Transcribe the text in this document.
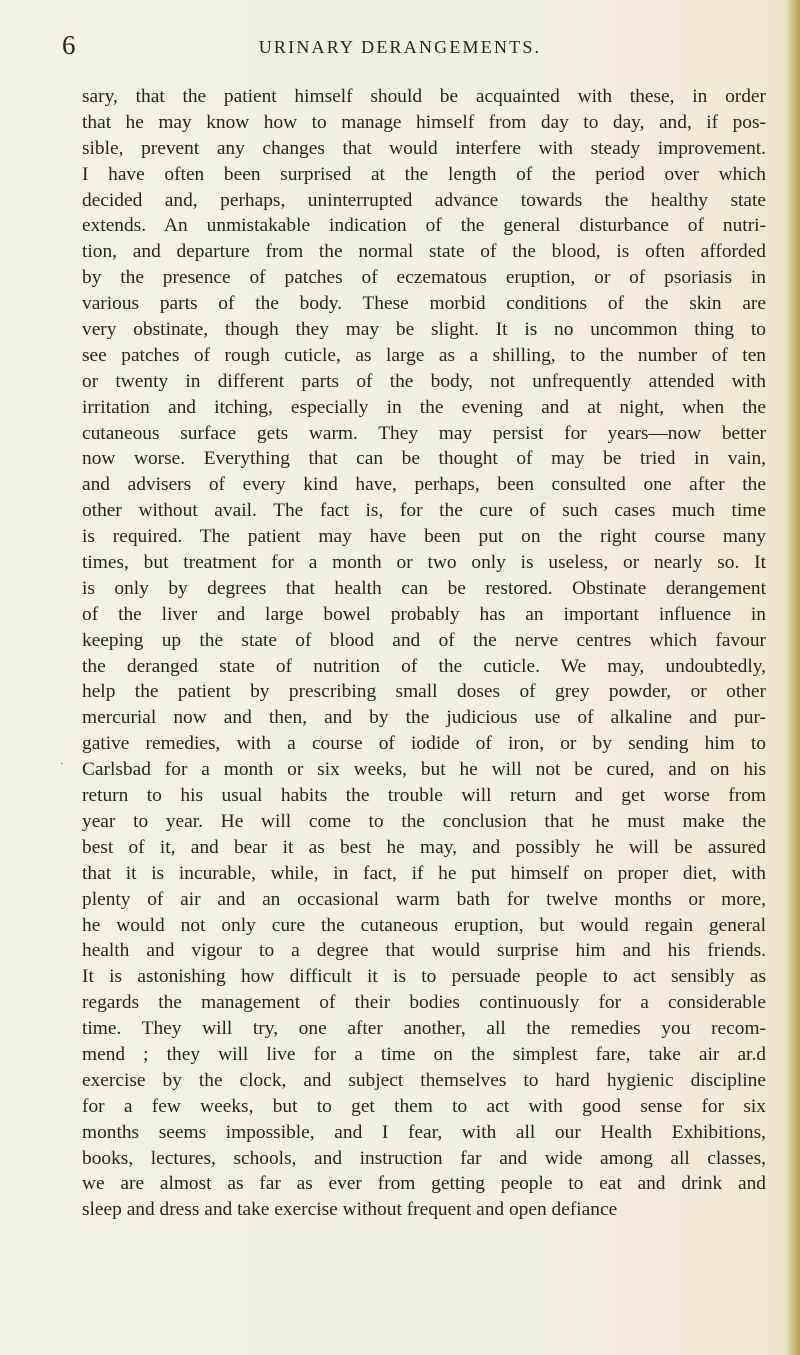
6	URINARY DERANGEMENTS.
ˋ
sary, that the patient himself should be acquainted with these, in order
that he may know how to manage himself from day to day, and, if pos-
sible, prevent any changes that would interfere with steady improvement.
I have often been surprised at the length of the period over which
decided and, perhaps, uninterrupted advance towards the healthy state
extends. An unmistakable indication of the general disturbance of nutri-
tion, and departure from the normal state of the blood, is often afforded
by the presence of patches of eczematous eruption, or of psoriasis in
various parts of the body. These morbid conditions of the skin are
very obstinate, though they may be slight. It is no uncommon thing to
see patches of rough cuticle, as large as a shilling, to the number of ten
or twenty in different parts of the body, not unfrequently attended with
irritation and itching, especially in the evening and at night, when the
cutaneous surface gets warm. They may persist for years—now better
now worse. Everything that can be thought of may be tried in vain,
and advisers of every kind have, perhaps, been consulted one after the
other without avail. The fact is, for the cure of such cases much time
is required. The patient may have been put on the right course many
times, but treatment for a month or two only is useless, or nearly so. It
is only by degrees that health can be restored. Obstinate derangement
of the liver and large bowel probably has an important influence in
keeping up the state of blood and of the nerve centres which favour
the deranged state of nutrition of the cuticle. We may, undoubtedly,
help the patient by prescribing small doses of grey powder, or other
mercurial now and then, and by the judicious use of alkaline and pur-
gative remedies, with a course of iodide of iron, or by sending him to
Carlsbad for a month or six weeks, but he will not be cured, and on his
return to his usual habits the trouble will return and get worse from
year to year. He will come to the conclusion that he must make the
best of it, and bear it as best he may, and possibly he will be assured
that it is incurable, while, in fact, if he put himself on proper diet, with
plenty of air and an occasional warm bath for twelve months or more,
he would not only cure the cutaneous eruption, but would regain general
health and vigour to a degree that would surprise him and his friends.
It is astonishing how difficult it is to persuade people to act sensibly as
regards the management of their bodies continuously for a considerable
time. They will try, one after another, all the remedies you recom-
mend ; they will live for a time on the simplest fare, take air ar.d
exercise by the clock, and subject themselves to hard hygienic discipline
for a few weeks, but to get them to act with good sense for six
months seems impossible, and I fear, with all our Health Exhibitions,
books, lectures, schools, and instruction far and wide among all classes,
we are almost as far as ever from getting people to eat and drink and
sleep and dress and take exercise without frequent and open defiance
